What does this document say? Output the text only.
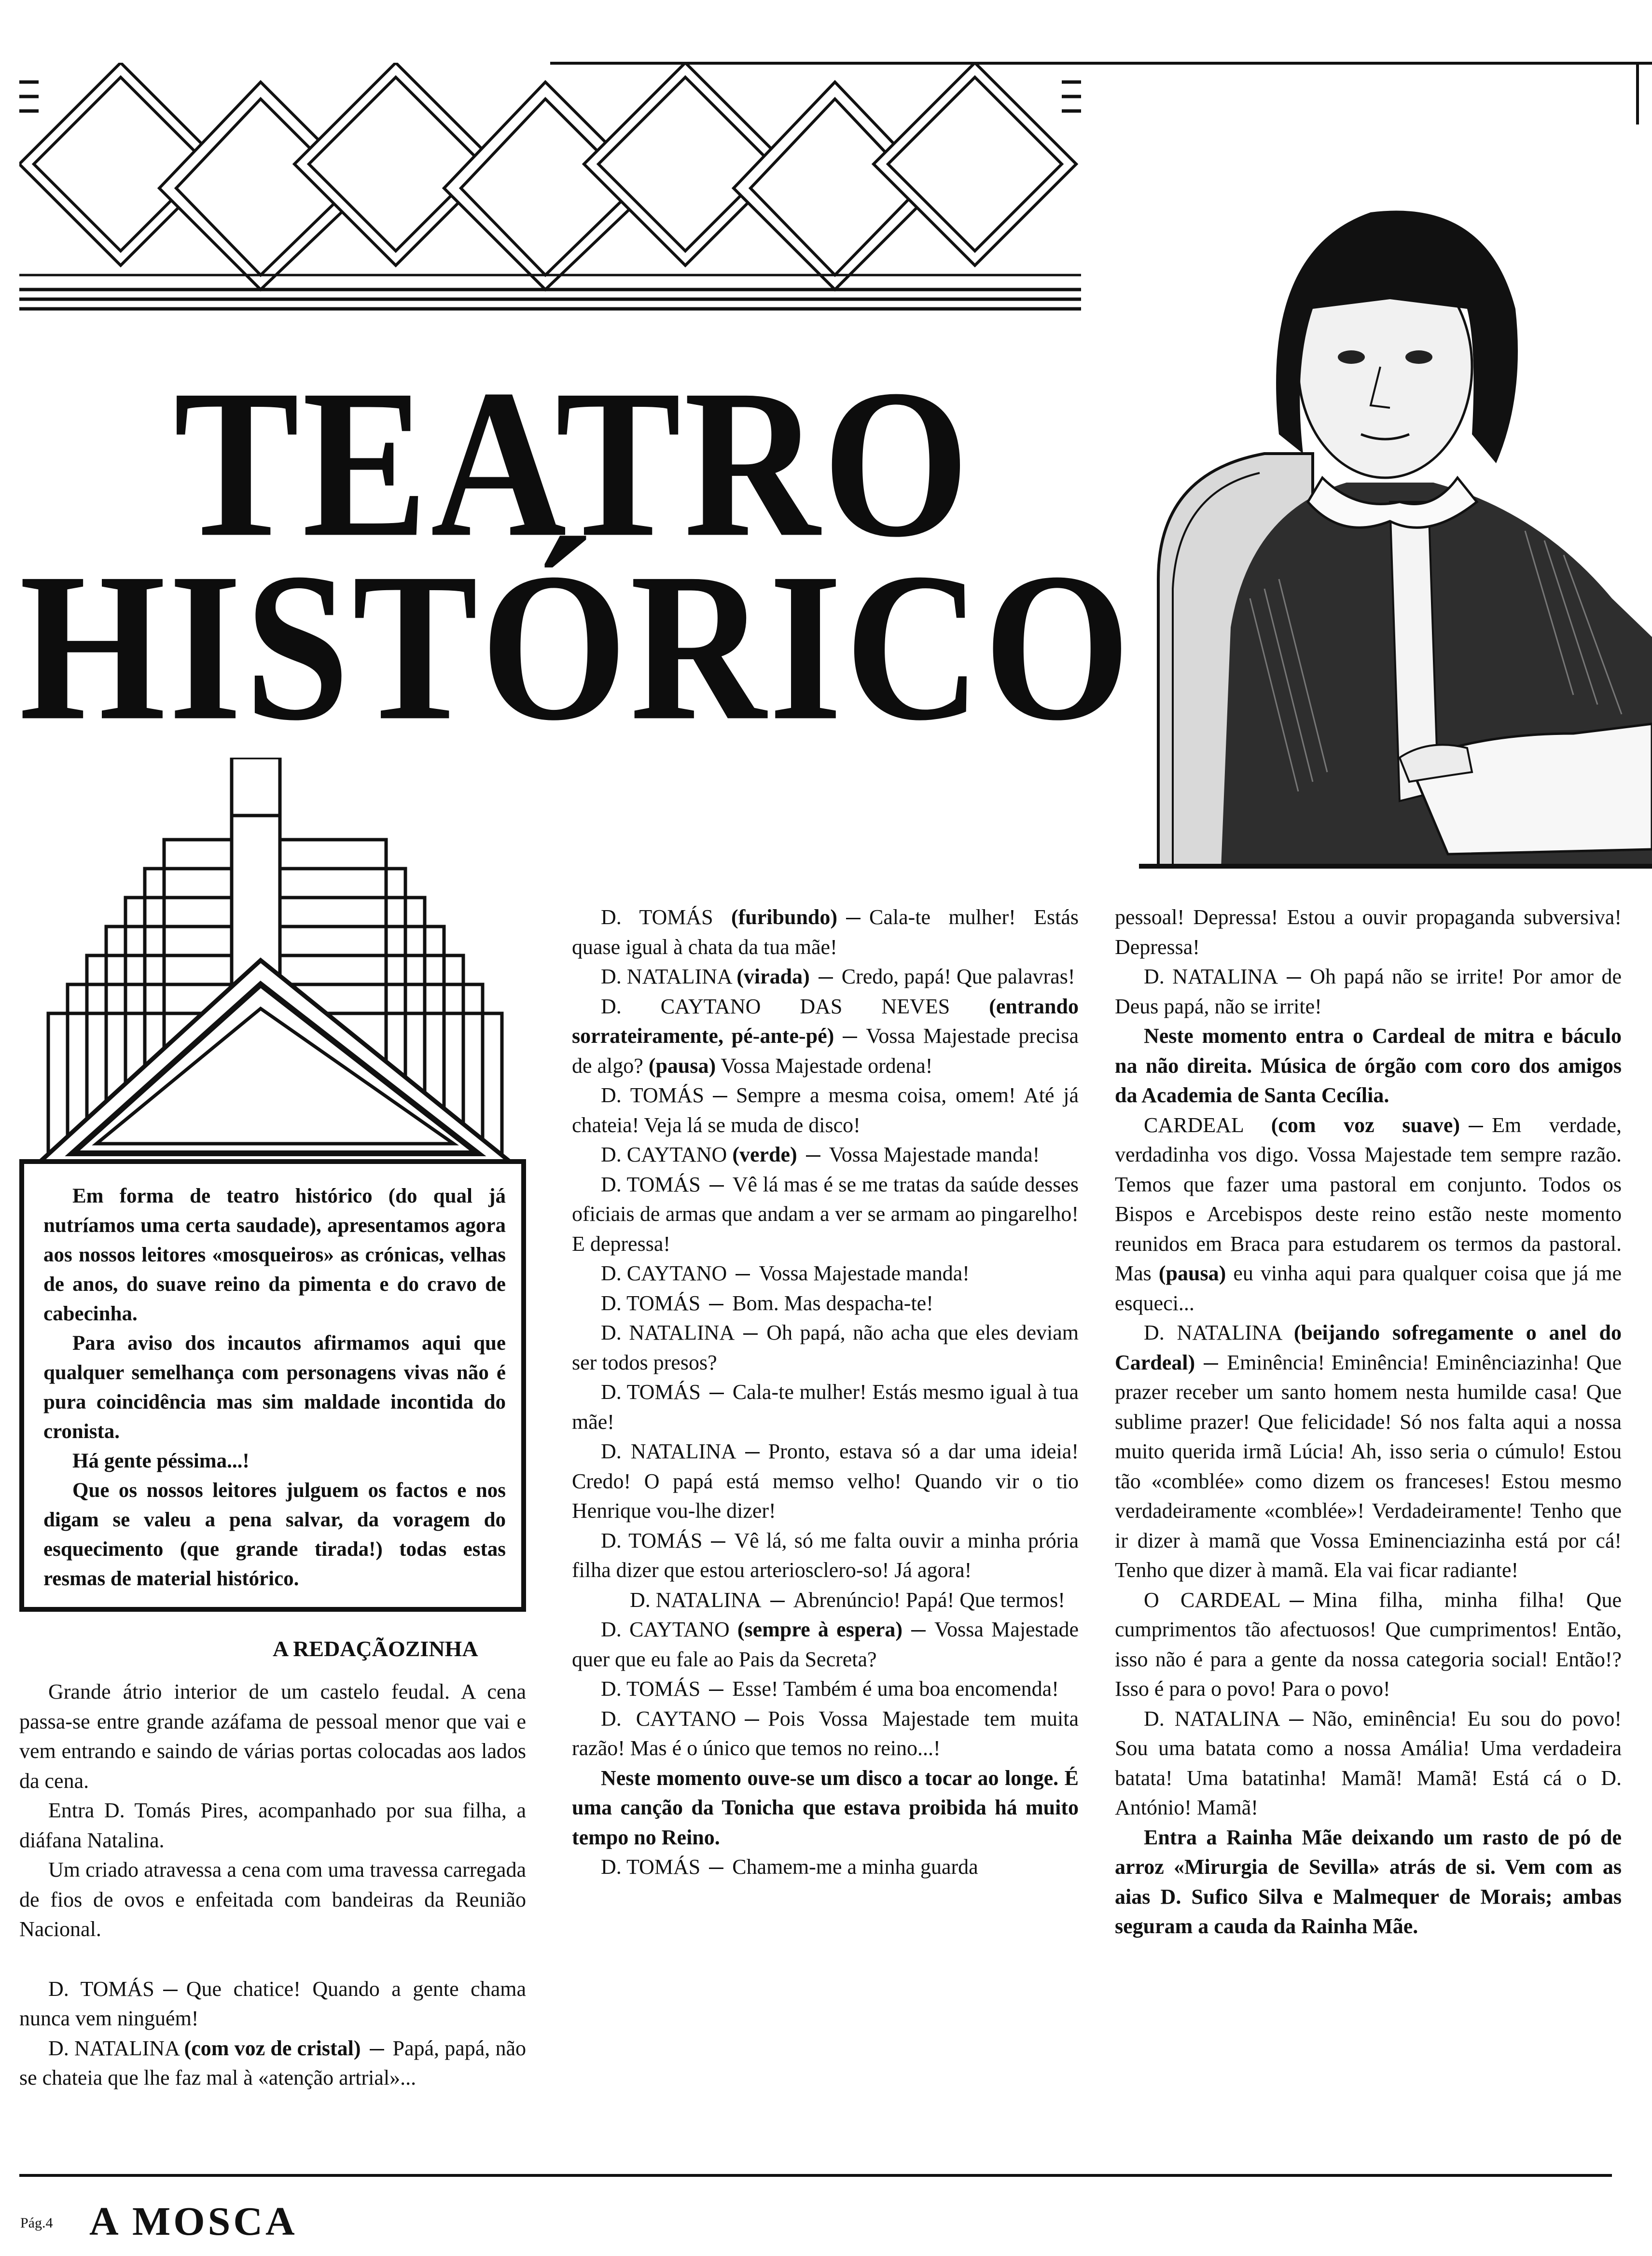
TEATRO
HISTÓRICO

Em forma de teatro histórico (do qual já nutríamos uma certa saudade), apresentamos agora aos nossos leitores «mosqueiros» as crónicas, velhas de anos, do suave reino da pimenta e do cravo de cabecinha.

Para aviso dos incautos afirmamos aqui que qualquer semelhança com personagens vivas não é pura coincidência mas sim maldade incontida do cronista.

Há gente péssima...!

Que os nossos leitores julguem os factos e nos digam se valeu a pena salvar, da voragem do esquecimento (que grande tirada!) todas estas resmas de material histórico.

A REDAÇÃOZINHA

Grande átrio interior de um castelo feudal. A cena passa-se entre grande azáfama de pessoal menor que vai e vem entrando e saindo de várias portas colocadas aos lados da cena.

Entra D. Tomás Pires, acompanhado por sua filha, a diáfana Natalina.

Um criado atravessa a cena com uma travessa carregada de fios de ovos e enfeitada com bandeiras da Reunião Nacional.

D. TOMÁS Que chatice! Quando a gente chama nunca vem ninguém!

D. NATALINA (com voz de cristal) Papá, papá, não se chateia que lhe faz mal à «atenção artrial»...

D. TOMÁS (furibundo) Cala-te mulher! Estás quase igual à chata da tua mãe!

D. NATALINA (virada) Credo, papá! Que palavras!

D. CAYTANO DAS NEVES (entrando sorrateiramente, pé-ante-pé) Vossa Majestade precisa de algo? (pausa) Vossa Majestade ordena!

D. TOMÁS Sempre a mesma coisa, omem! Até já chateia! Veja lá se muda de disco!

D. CAYTANO (verde) Vossa Majestade manda!

D. TOMÁS Vê lá mas é se me tratas da saúde desses oficiais de armas que andam a ver se armam ao pingarelho! E depressa!

D. CAYTANO Vossa Majestade manda!

D. TOMÁS Bom. Mas despacha-te!

D. NATALINA Oh papá, não acha que eles deviam ser todos presos?

D. TOMÁS Cala-te mulher! Estás mesmo igual à tua mãe!

D. NATALINA Pronto, estava só a dar uma ideia! Credo! O papá está memso velho! Quando vir o tio Henrique vou-lhe dizer!

D. TOMÁS Vê lá, só me falta ouvir a minha prória filha dizer que estou arteriosclero-so! Já agora!

D. NATALINA Abrenúncio! Papá! Que termos!

D. CAYTANO (sempre à espera) Vossa Majestade quer que eu fale ao Pais da Secreta?

D. TOMÁS Esse! Também é uma boa encomenda!

D. CAYTANO Pois Vossa Majestade tem muita razão! Mas é o único que temos no reino...!

Neste momento ouve-se um disco a tocar ao longe. É uma canção da Tonicha que estava proibida há muito tempo no Reino.

D. TOMÁS Chamem-me a minha guarda

pessoal! Depressa! Estou a ouvir propaganda subversiva! Depressa!

D. NATALINA Oh papá não se irrite! Por amor de Deus papá, não se irrite!

Neste momento entra o Cardeal de mitra e báculo na não direita. Música de órgão com coro dos amigos da Academia de Santa Cecília.

CARDEAL (com voz suave) Em verdade, verdadinha vos digo. Vossa Majestade tem sempre razão. Temos que fazer uma pastoral em conjunto. Todos os Bispos e Arcebispos deste reino estão neste momento reunidos em Braca para estudarem os termos da pastoral. Mas (pausa) eu vinha aqui para qualquer coisa que já me esqueci...

D. NATALINA (beijando sofregamente o anel do Cardeal) Eminência! Eminência! Eminênciazinha! Que prazer receber um santo homem nesta humilde casa! Que sublime prazer! Que felicidade! Só nos falta aqui a nossa muito querida irmã Lúcia! Ah, isso seria o cúmulo! Estou tão «comblée» como dizem os franceses! Estou mesmo verdadeiramente «comblée»! Verdadeiramente! Tenho que ir dizer à mamã que Vossa Eminenciazinha está por cá! Tenho que dizer à mamã. Ela vai ficar radiante!

O CARDEAL Mina filha, minha filha! Que cumprimentos tão afectuosos! Que cumprimentos! Então, isso não é para a gente da nossa categoria social! Então!? Isso é para o povo! Para o povo!

D. NATALINA Não, eminência! Eu sou do povo! Sou uma batata como a nossa Amália! Uma verdadeira batata! Uma batatinha! Mamã! Mamã! Está cá o D. António! Mamã!

Entra a Rainha Mãe deixando um rasto de pó de arroz «Mirurgia de Sevilla» atrás de si. Vem com as aias D. Sufico Silva e Malmequer de Morais; ambas seguram a cauda da Rainha Mãe.

Pág.4 A MOSCA
